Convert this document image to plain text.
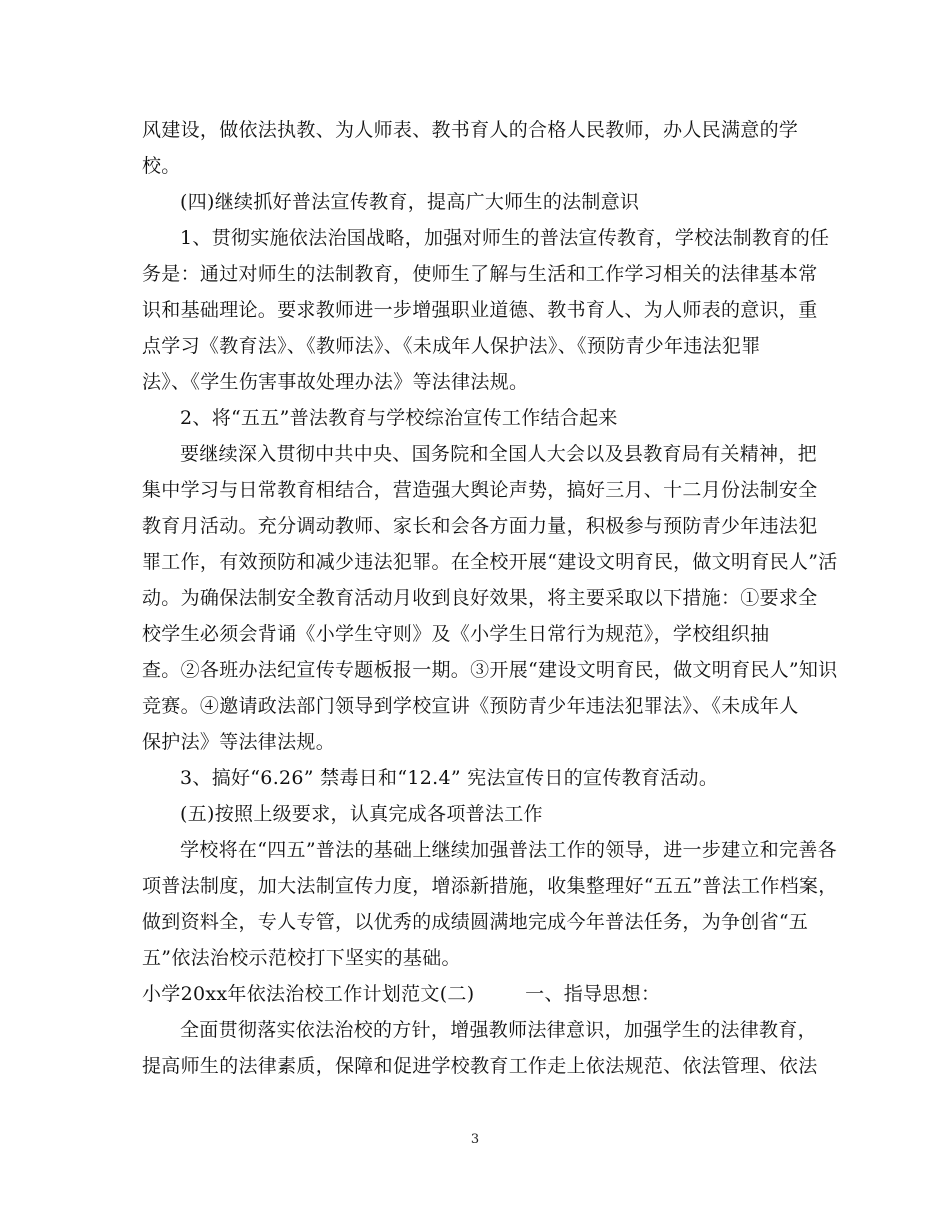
风建设，做依法执教、为人师表、教书育人的合格人民教师，办人民满意的学
校。

(四)继续抓好普法宣传教育，提高广大师生的法制意识

1、贯彻实施依法治国战略，加强对师生的普法宣传教育，学校法制教育的任
务是：通过对师生的法制教育，使师生了解与生活和工作学习相关的法律基本常
识和基础理论。要求教师进一步增强职业道德、教书育人、为人师表的意识，重
点学习《教育法》、《教师法》、《未成年人保护法》、《预防青少年违法犯罪
法》、《学生伤害事故处理办法》等法律法规。

2、将“五五”普法教育与学校综治宣传工作结合起来

要继续深入贯彻中共中央、国务院和全国人大会以及县教育局有关精神，把
集中学习与日常教育相结合，营造强大舆论声势，搞好三月、十二月份法制安全
教育月活动。充分调动教师、家长和会各方面力量，积极参与预防青少年违法犯
罪工作，有效预防和减少违法犯罪。在全校开展“建设文明育民，做文明育民人”活
动。为确保法制安全教育活动月收到良好效果，将主要采取以下措施：①要求全
校学生必须会背诵《小学生守则》及《小学生日常行为规范》，学校组织抽
查。②各班办法纪宣传专题板报一期。③开展“建设文明育民，做文明育民人”知识
竞赛。④邀请政法部门领导到学校宣讲《预防青少年违法犯罪法》、《未成年人
保护法》等法律法规。

3、搞好“6.26” 禁毒日和“12.4” 宪法宣传日的宣传教育活动。

(五)按照上级要求，认真完成各项普法工作

学校将在“四五”普法的基础上继续加强普法工作的领导，进一步建立和完善各
项普法制度，加大法制宣传力度，增添新措施，收集整理好“五五”普法工作档案，
做到资料全，专人专管，以优秀的成绩圆满地完成今年普法任务，为争创省“五
五”依法治校示范校打下坚实的基础。

小学20xx年依法治校工作计划范文(二)        一、指导思想：

全面贯彻落实依法治校的方针，增强教师法律意识，加强学生的法律教育，
提高师生的法律素质，保障和促进学校教育工作走上依法规范、依法管理、依法

3
